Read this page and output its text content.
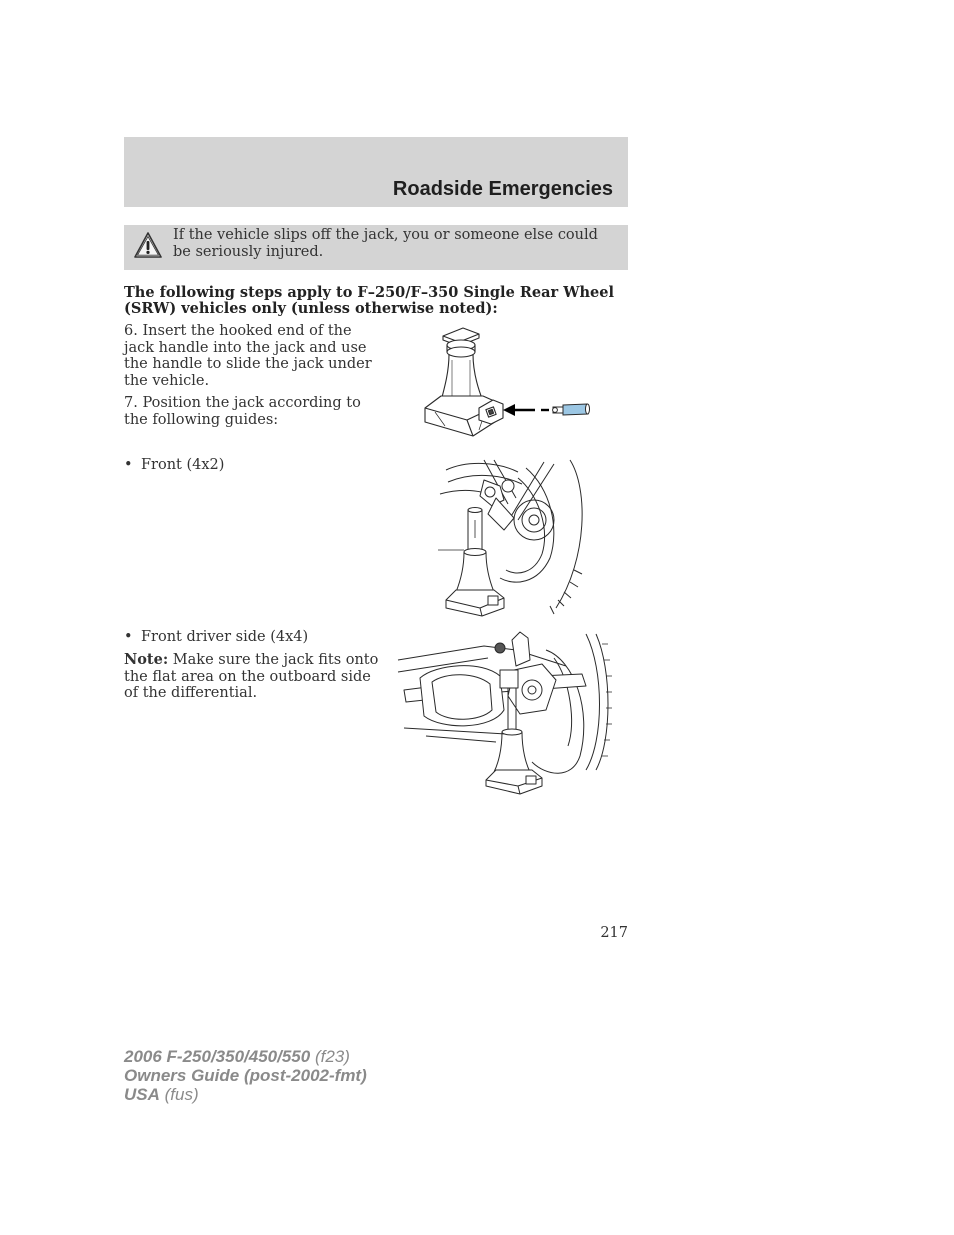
Roadside Emergencies
If the vehicle slips off the jack, you or someone else could be seriously injured.
The following steps apply to F–250/F–350 Single Rear Wheel (SRW) vehicles only (unless otherwise noted):

6. Insert the hooked end of the jack handle into the jack and use the handle to slide the jack under the vehicle.

7. Position the jack according to the following guides:

• Front (4x2)
• Front driver side (4x4)

Note: Make sure the jack fits onto the flat area on the outboard side of the differential.

217
2006 F-250/350/450/550 (f23)
Owners Guide (post-2002-fmt)
USA (fus)
